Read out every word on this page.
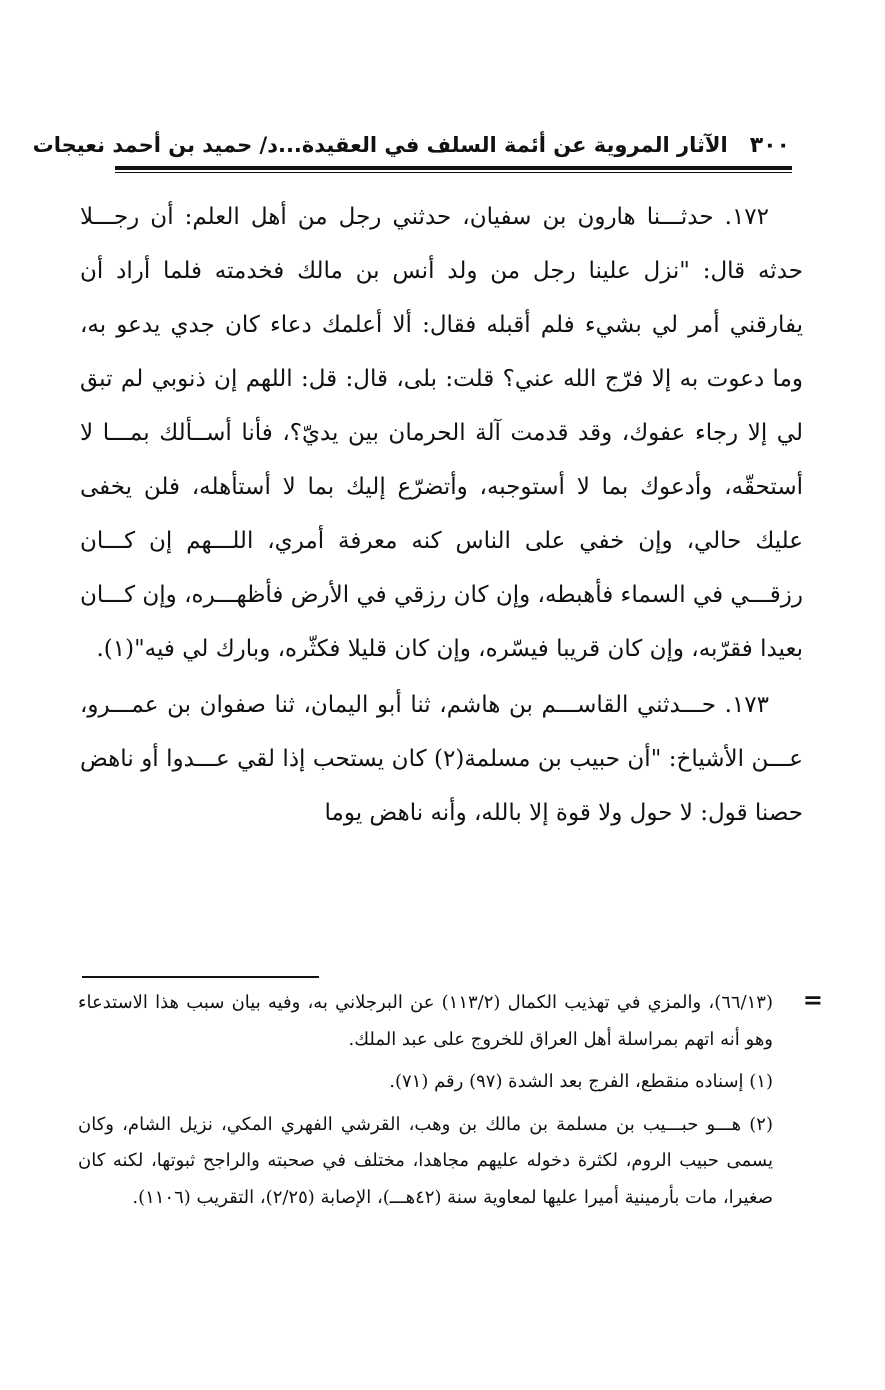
٣٠٠
الآثار المروية عن أئمة السلف في العقيدة...د/ حميد بن أحمد نعيجات

١٧٢. حدثـــنا هارون بن سفيان، حدثني رجل من أهل العلم: أن رجـــلا حدثه قال: "نزل علينا رجل من ولد أنس بن مالك فخدمته فلما أراد أن يفارقني أمر لي بشيء فلم أقبله فقال: ألا أعلمك دعاء كان جدي يدعو به، وما دعوت به إلا فرّج الله عني؟ قلت: بلى، قال: قل: اللهم إن ذنوبي لم تبق لي إلا رجاء عفوك، وقد قدمت آلة الحرمان بين يديّ؟، فأنا أســألك بمـــا لا أستحقّه، وأدعوك بما لا أستوجبه، وأتضرّع إليك بما لا أستأهله، فلن يخفى عليك حالي، وإن خفي على الناس كنه معرفة أمري، اللـــهم إن كـــان رزقـــي في السماء فأهبطه، وإن كان رزقي في الأرض فأظهـــره، وإن كـــان بعيدا فقرّبه، وإن كان قريبا فيسّره، وإن كان قليلا فكثّره، وبارك لي فيه"(١).

١٧٣. حـــدثني القاســـم بن هاشم، ثنا أبو اليمان، ثنا صفوان بن عمـــرو، عـــن الأشياخ: "أن حبيب بن مسلمة(٢) كان يستحب إذا لقي عـــدوا أو ناهض حصنا قول: لا حول ولا قوة إلا بالله، وأنه ناهض يوما

=

(٦٦/١٣)، والمزي في تهذيب الكمال (١١٣/٢) عن البرجلاني به، وفيه بيان سبب هذا الاستدعاء وهو أنه اتهم بمراسلة أهل العراق للخروج على عبد الملك.

(١) إسناده منقطع، الفرج بعد الشدة (٩٧) رقم (٧١).

(٢) هـــو حبـــيب بن مسلمة بن مالك بن وهب، القرشي الفهري المكي، نزيل الشام، وكان يسمى حبيب الروم، لكثرة دخوله عليهم مجاهدا، مختلف في صحبته والراجح ثبوتها، لكنه كان صغيرا، مات بأرمينية أميرا عليها لمعاوية سنة (٤٢هـــ)، الإصابة (٢/٢٥)، التقريب (١١٠٦).
